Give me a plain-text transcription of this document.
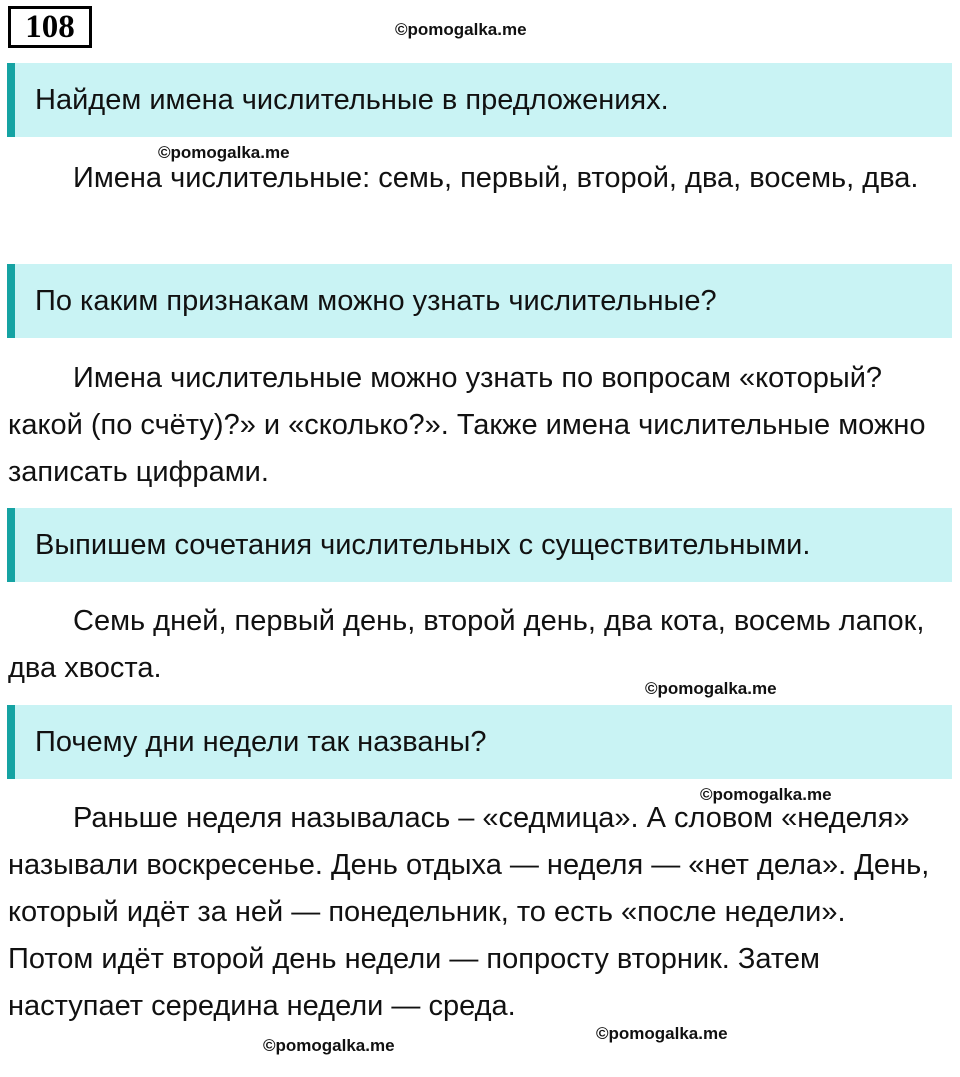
108	©pomogalka.me
Найдем имена числительные в предложениях.
©pomogalka.me
Имена числительные: семь, первый, второй, два, восемь, два.
По каким признакам можно узнать числительные?
Имена числительные можно узнать по вопросам «который? какой (по счёту)?» и «сколько?». Также имена числительные можно записать цифрами.
Выпишем сочетания числительных с существительными.
Семь дней, первый день, второй день, два кота, восемь лапок, два хвоста.
©pomogalka.me
Почему дни недели так названы?
©pomogalka.me
Раньше неделя называлась – «седмица». А словом «неделя» называли воскресенье. День отдыха — неделя — «нет дела». День, который идёт за ней — понедельник, то есть «после недели». Потом идёт второй день недели — попросту вторник. Затем наступает середина недели — среда.
©pomogalka.me
©pomogalka.me
